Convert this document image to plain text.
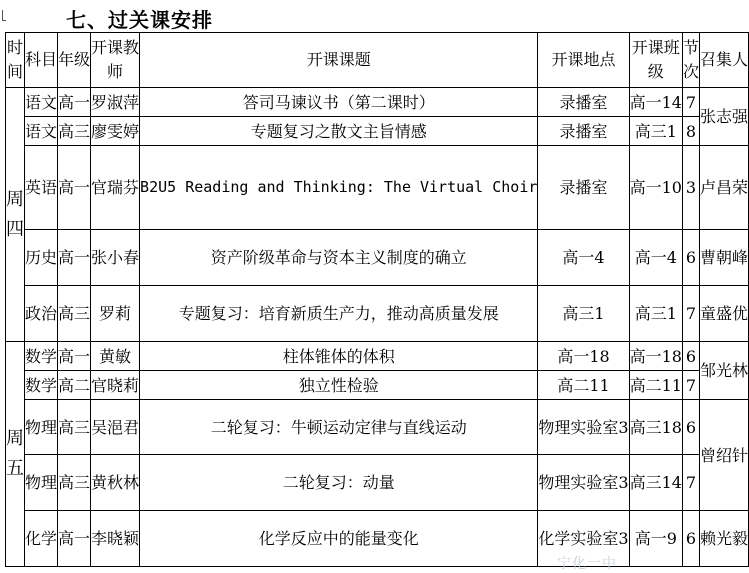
七、过关课安排
时间	科目	年级	开课教师	开课课题	开课地点	开课班级	节次	召集人

周四	语文	高一	罗淑萍	答司马谏议书（第二课时）	录播室	高一14	7	张志强
	语文	高三	廖雯婷	专题复习之散文主旨情感	录播室	高三1	8	
	英语	高一	官瑞芬	B2U5 Reading and Thinking: The Virtual Choir	录播室	高一10	3	卢昌荣
	历史	高一	张小春	资产阶级革命与资本主义制度的确立	高一4	高一4	6	曹朝峰
	政治	高三	罗莉	专题复习：培育新质生产力，推动高质量发展	高三1	高三1	7	童盛优

周五	数学	高一	黄敏	柱体锥体的体积	高一18	高一18	6	邹光林
	数学	高二	官晓莉	独立性检验	高二11	高二11	7	
	物理	高三	吴浥君	二轮复习：牛顿运动定律与直线运动	物理实验室3	高三18	6	曾绍针
	物理	高三	黄秋林	二轮复习：动量	物理实验室3	高三14	7	
	化学	高一	李晓颖	化学反应中的能量变化	化学实验室3	高一9	6	赖光毅
宁化一中
